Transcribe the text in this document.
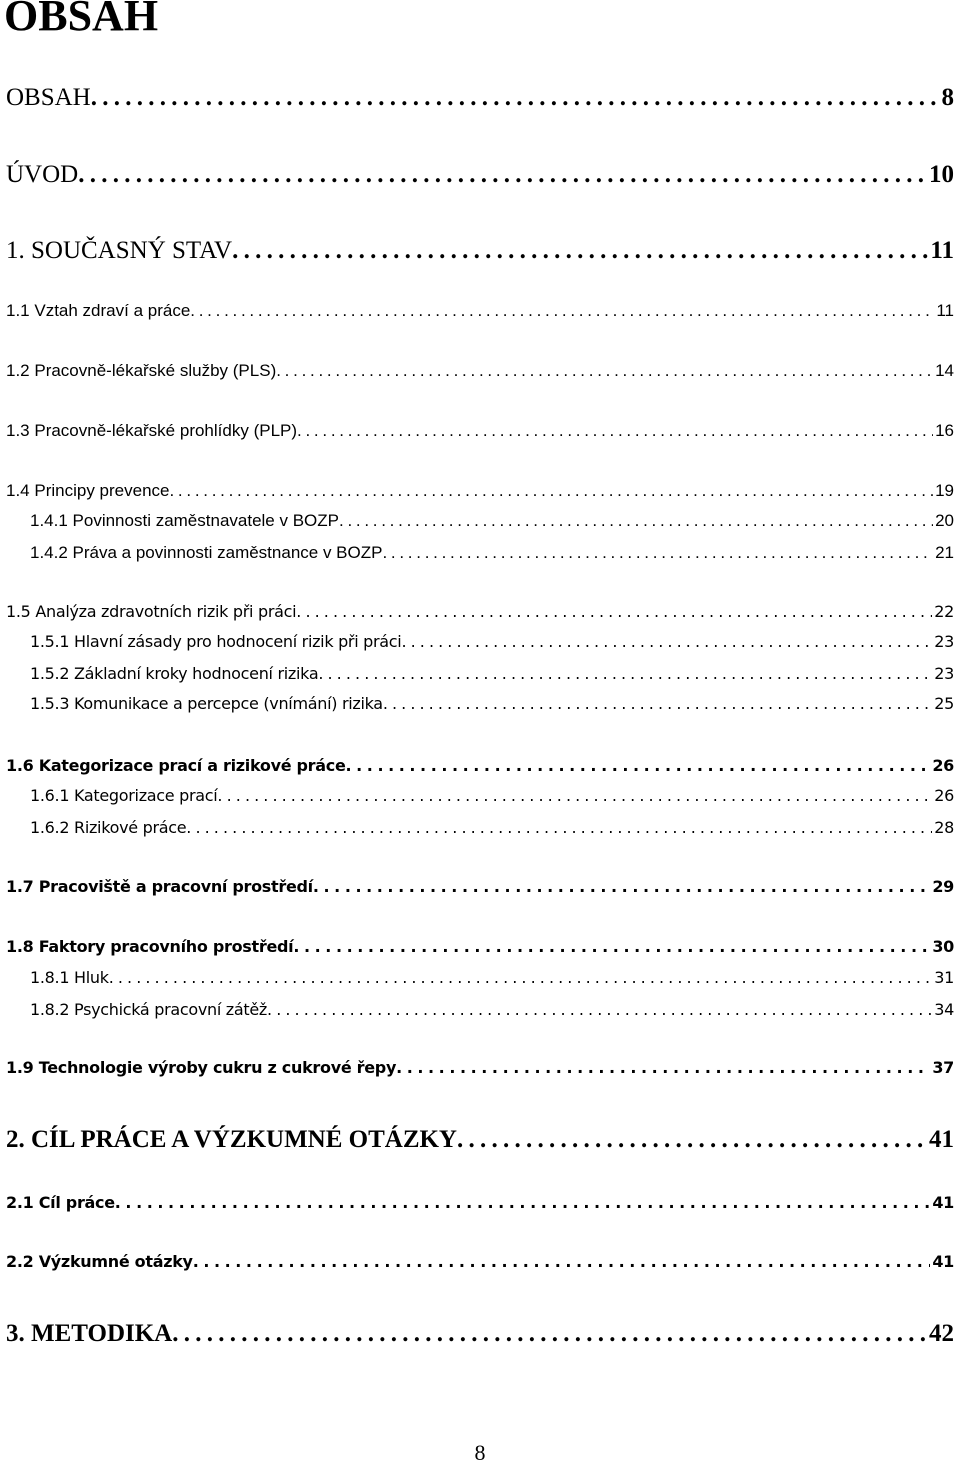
OBSAH
OBSAH . . .	8
ÚVOD . . .	10
1. SOUČASNÝ STAV . . .	11
1.1 Vztah zdraví a práce . . .	11
1.2 Pracovně-lékařské služby (PLS) . . .	14
1.3 Pracovně-lékařské prohlídky (PLP) . . .	16
1.4 Principy prevence . . .	19
1.4.1 Povinnosti zaměstnavatele v BOZP . . .	20
1.4.2 Práva a povinnosti zaměstnance v BOZP . . .	21
1.5 Analýza zdravotních rizik při práci . . .	22
1.5.1 Hlavní zásady pro hodnocení rizik při práci . . .	23
1.5.2 Základní kroky hodnocení rizika . . .	23
1.5.3 Komunikace a percepce (vnímání) rizika . . .	25
1.6 Kategorizace prací a rizikové práce . . .	26
1.6.1 Kategorizace prací . . .	26
1.6.2 Rizikové práce . . .	28
1.7 Pracoviště a pracovní prostředí . . .	29
1.8 Faktory pracovního prostředí . . .	30
1.8.1 Hluk . . .	31
1.8.2 Psychická pracovní zátěž . . .	34
1.9 Technologie výroby cukru z cukrové řepy . . .	37
2. CÍL PRÁCE A VÝZKUMNÉ OTÁZKY . . .	41
2.1 Cíl práce . . .	41
2.2 Výzkumné otázky . . .	41
3. METODIKA . . .	42
8
